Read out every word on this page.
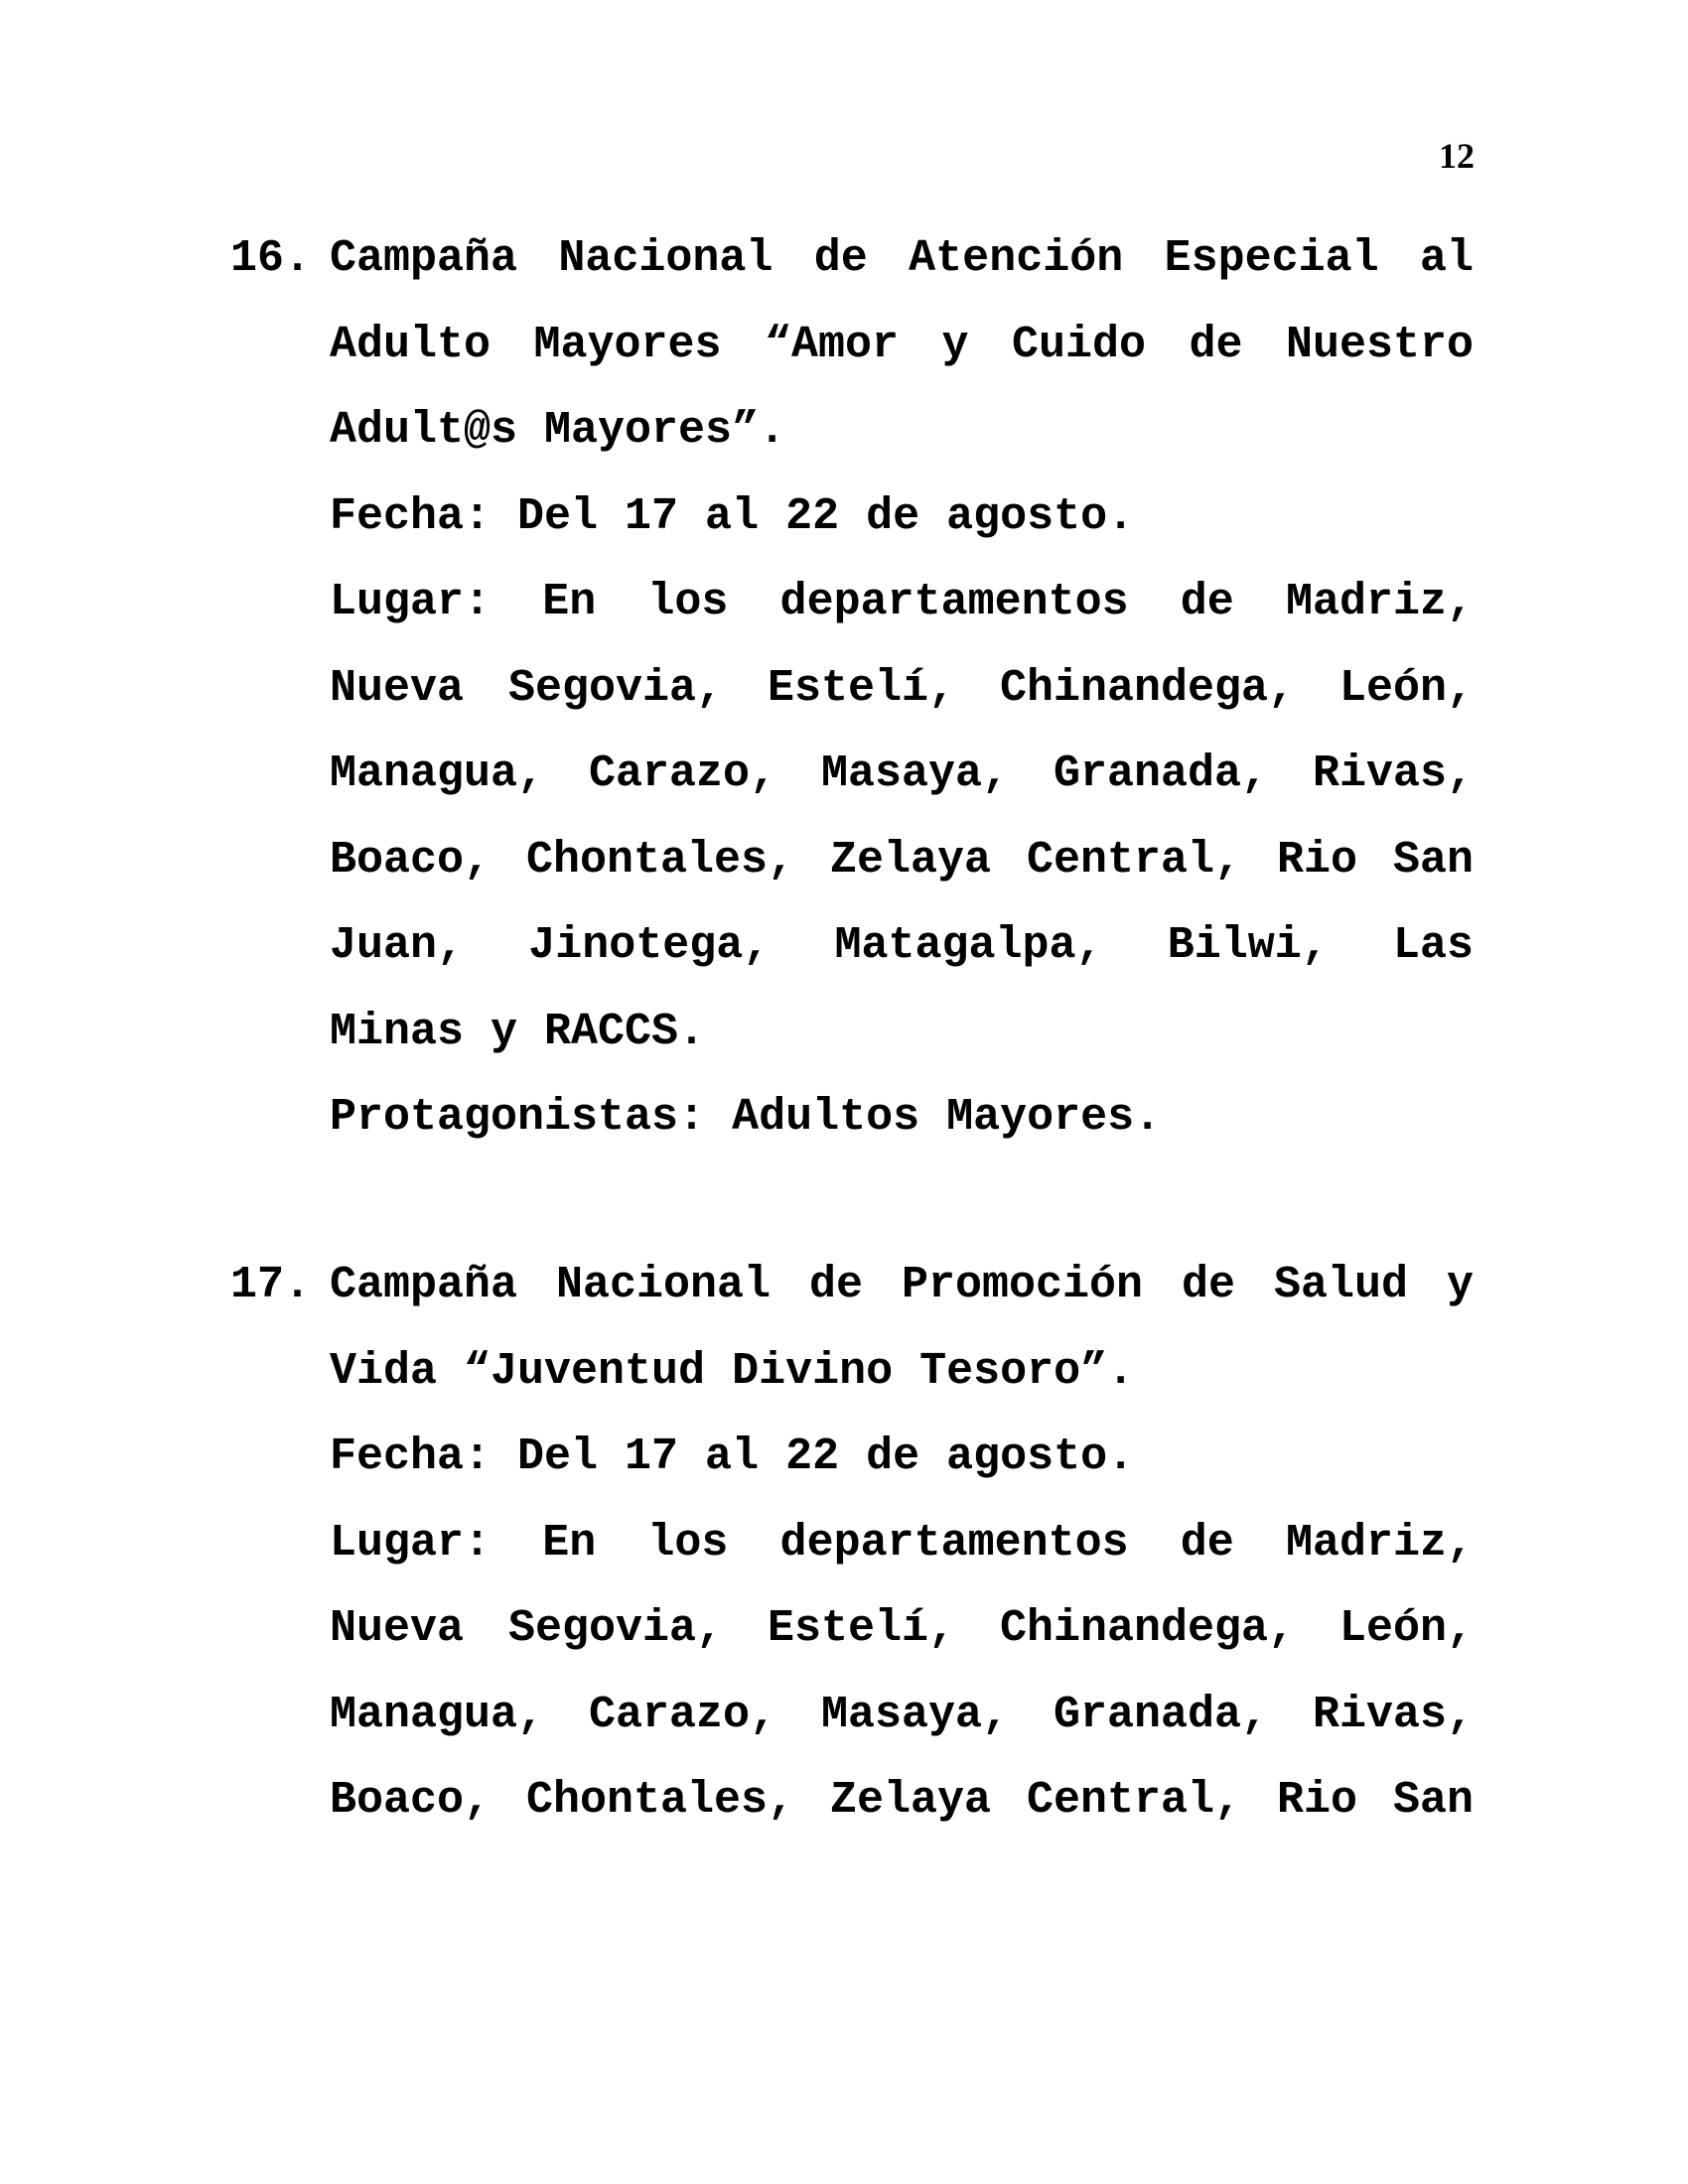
12
16. Campaña Nacional de Atención Especial al
Adulto Mayores “Amor y Cuido de Nuestro
Adult@s Mayores”.
Fecha: Del 17 al 22 de agosto.
Lugar: En los departamentos de Madriz,
Nueva Segovia, Estelí, Chinandega, León,
Managua, Carazo, Masaya, Granada, Rivas,
Boaco, Chontales, Zelaya Central, Rio San
Juan, Jinotega, Matagalpa, Bilwi, Las
Minas y RACCS.
Protagonistas: Adultos Mayores.
17. Campaña Nacional de Promoción de Salud y
Vida “Juventud Divino Tesoro”.
Fecha: Del 17 al 22 de agosto.
Lugar: En los departamentos de Madriz,
Nueva Segovia, Estelí, Chinandega, León,
Managua, Carazo, Masaya, Granada, Rivas,
Boaco, Chontales, Zelaya Central, Rio San
